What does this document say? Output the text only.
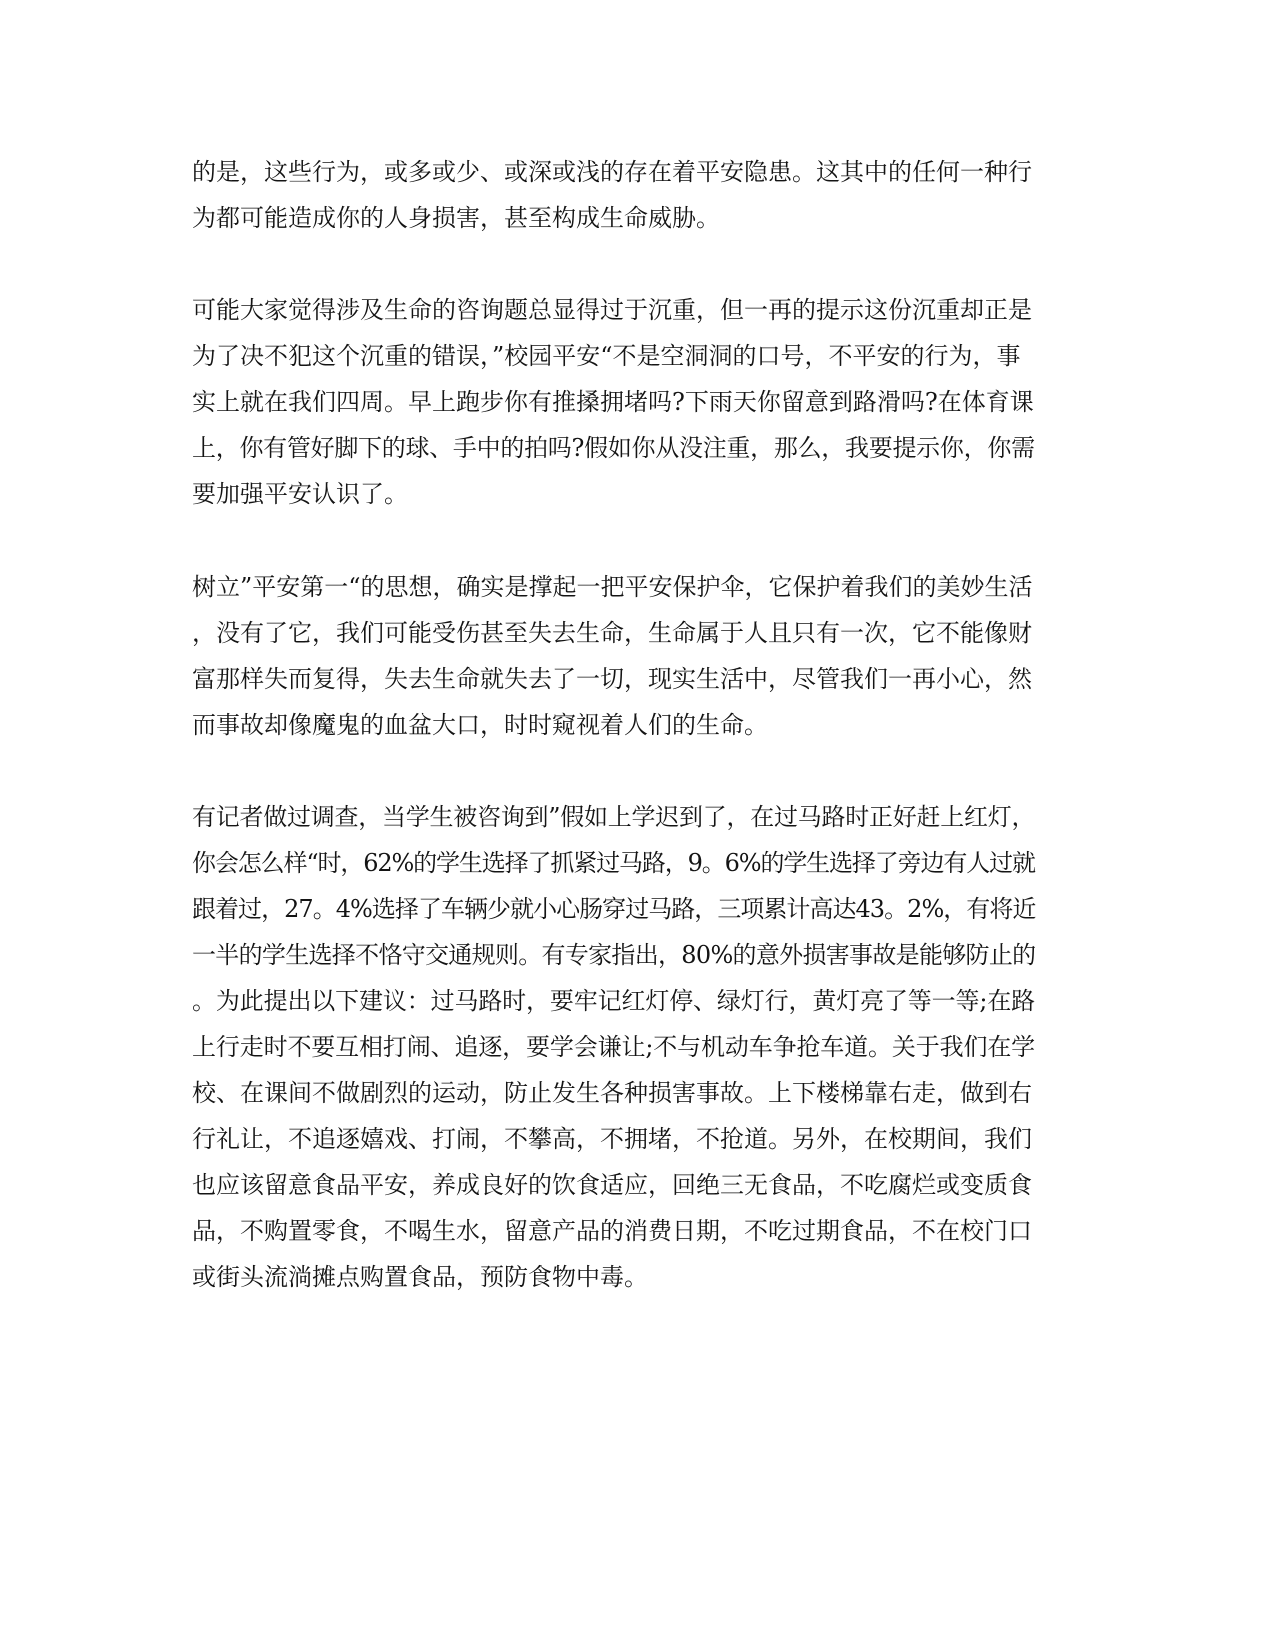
的是，这些行为，或多或少、或深或浅的存在着平安隐患。这其中的任何一种行
为都可能造成你的人身损害，甚至构成生命威胁。
可能大家觉得涉及生命的咨询题总显得过于沉重，但一再的提示这份沉重却正是
为了决不犯这个沉重的错误，”校园平安“不是空洞洞的口号，不平安的行为，事
实上就在我们四周。早上跑步你有推搡拥堵吗?下雨天你留意到路滑吗?在体育课
上，你有管好脚下的球、手中的拍吗?假如你从没注重，那么，我要提示你，你需
要加强平安认识了。
树立”平安第一“的思想，确实是撑起一把平安保护伞，它保护着我们的美妙生活
，没有了它，我们可能受伤甚至失去生命，生命属于人且只有一次，它不能像财
富那样失而复得，失去生命就失去了一切，现实生活中，尽管我们一再小心，然
而事故却像魔鬼的血盆大口，时时窥视着人们的生命。
有记者做过调查，当学生被咨询到”假如上学迟到了，在过马路时正好赶上红灯，
你会怎么样“时，62%的学生选择了抓紧过马路，9。6%的学生选择了旁边有人过就
跟着过，27。4%选择了车辆少就小心肠穿过马路，三项累计高达43。2%，有将近
一半的学生选择不恪守交通规则。有专家指出，80%的意外损害事故是能够防止的
。为此提出以下建议：过马路时，要牢记红灯停、绿灯行，黄灯亮了等一等;在路
上行走时不要互相打闹、追逐，要学会谦让;不与机动车争抢车道。关于我们在学
校、在课间不做剧烈的运动，防止发生各种损害事故。上下楼梯靠右走，做到右
行礼让，不追逐嬉戏、打闹，不攀高，不拥堵，不抢道。另外，在校期间，我们
也应该留意食品平安，养成良好的饮食适应，回绝三无食品，不吃腐烂或变质食
品，不购置零食，不喝生水，留意产品的消费日期，不吃过期食品，不在校门口
或街头流淌摊点购置食品，预防食物中毒。
